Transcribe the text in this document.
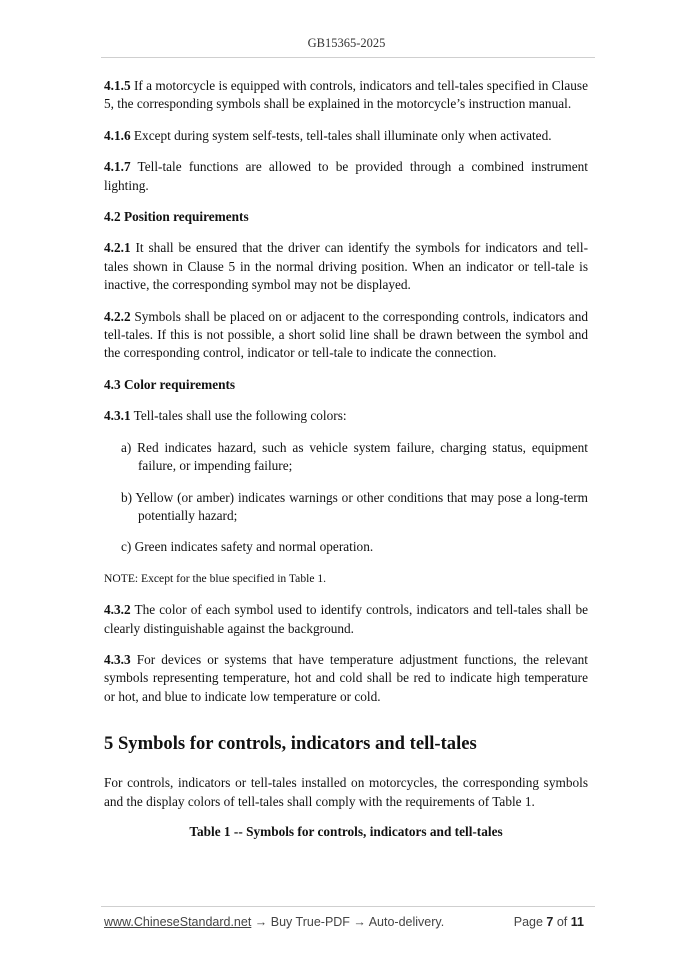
GB15365-2025

4.1.5 If a motorcycle is equipped with controls, indicators and tell-tales specified in Clause 5, the corresponding symbols shall be explained in the motorcycle’s instruction manual.

4.1.6 Except during system self-tests, tell-tales shall illuminate only when activated.

4.1.7 Tell-tale functions are allowed to be provided through a combined instrument lighting.

4.2 Position requirements

4.2.1 It shall be ensured that the driver can identify the symbols for indicators and tell-tales shown in Clause 5 in the normal driving position. When an indicator or tell-tale is inactive, the corresponding symbol may not be displayed.

4.2.2 Symbols shall be placed on or adjacent to the corresponding controls, indicators and tell-tales. If this is not possible, a short solid line shall be drawn between the symbol and the corresponding control, indicator or tell-tale to indicate the connection.

4.3 Color requirements

4.3.1 Tell-tales shall use the following colors:

a) Red indicates hazard, such as vehicle system failure, charging status, equipment failure, or impending failure;

b) Yellow (or amber) indicates warnings or other conditions that may pose a long-term potentially hazard;

c) Green indicates safety and normal operation.

NOTE: Except for the blue specified in Table 1.

4.3.2 The color of each symbol used to identify controls, indicators and tell-tales shall be clearly distinguishable against the background.

4.3.3 For devices or systems that have temperature adjustment functions, the relevant symbols representing temperature, hot and cold shall be red to indicate high temperature or hot, and blue to indicate low temperature or cold.

5 Symbols for controls, indicators and tell-tales

For controls, indicators or tell-tales installed on motorcycles, the corresponding symbols and the display colors of tell-tales shall comply with the requirements of Table 1.

Table 1 -- Symbols for controls, indicators and tell-tales

www.ChineseStandard.net → Buy True-PDF → Auto-delivery.	Page 7 of 11
